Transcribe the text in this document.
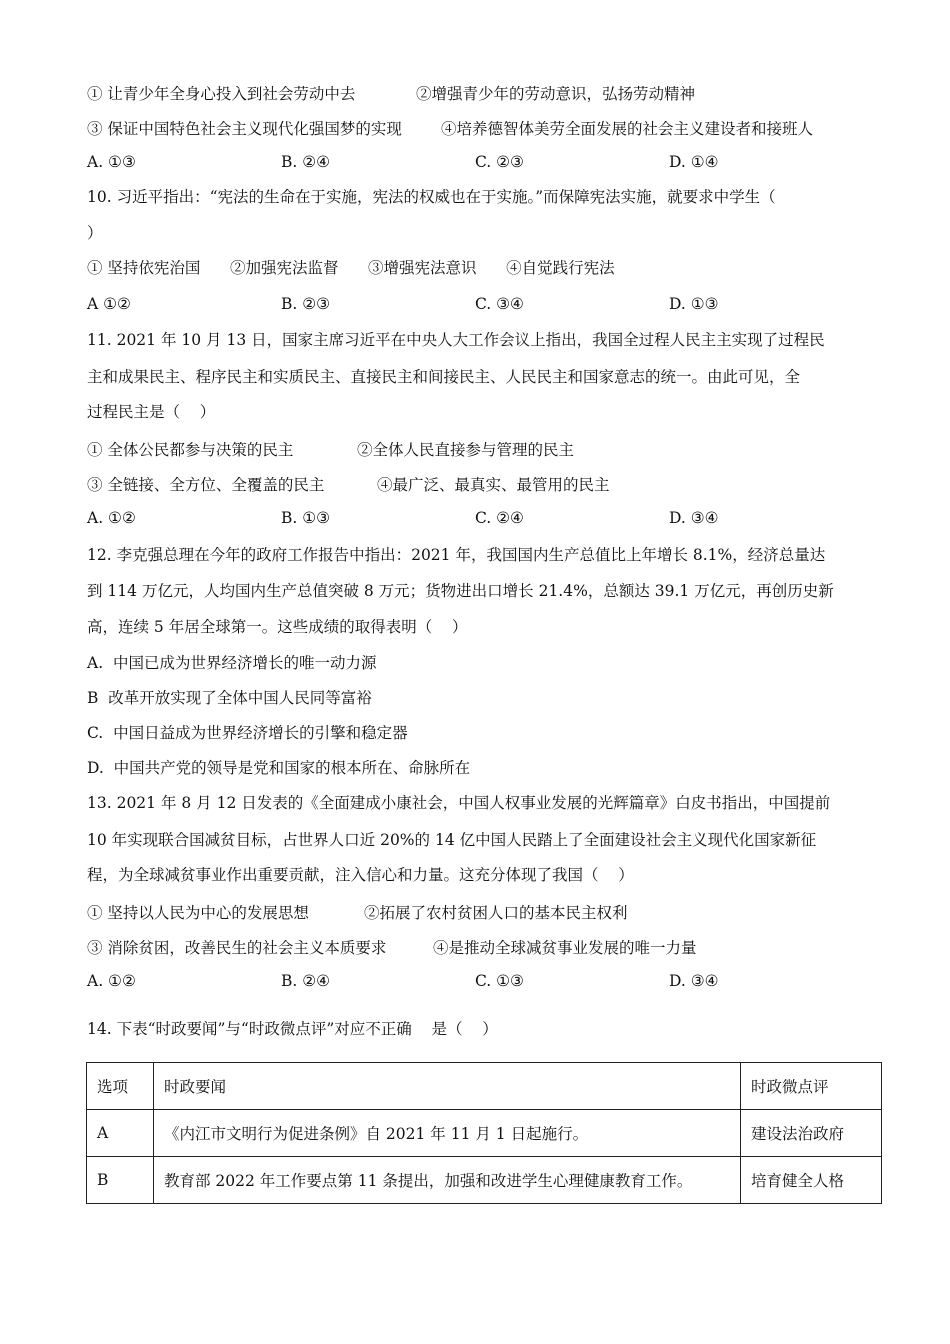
① 让青少年全身心投入到社会劳动中去	②增强青少年的劳动意识，弘扬劳动精神
③ 保证中国特色社会主义现代化强国梦的实现	④培养德智体美劳全面发展的社会主义建设者和接班人
A. ①③	B. ②④	C. ②③	D. ①④
10. 习近平指出：“宪法的生命在于实施，宪法的权威也在于实施。”而保障宪法实施，就要求中学生（
）
① 坚持依宪治国      ②加强宪法监督      ③增强宪法意识      ④自觉践行宪法
A ①②	B. ②③	C. ③④	D. ①③
11. 2021 年 10 月 13 日，国家主席习近平在中央人大工作会议上指出，我国全过程人民主主实现了过程民
主和成果民主、程序民主和实质民主、直接民主和间接民主、人民民主和国家意志的统一。由此可见，全
过程民主是（    ）
① 全体公民都参与决策的民主	②全体人民直接参与管理的民主
③ 全链接、全方位、全覆盖的民主	④最广泛、最真实、最管用的民主
A. ①②	B. ①③	C. ②④	D. ③④
12. 李克强总理在今年的政府工作报告中指出：2021 年，我国国内生产总值比上年增长 8.1%，经济总量达
到 114 万亿元，人均国内生产总值突破 8 万元；货物进出口增长 21.4%，总额达 39.1 万亿元，再创历史新
高，连续 5 年居全球第一。这些成绩的取得表明（    ）
A.  中国已成为世界经济增长的唯一动力源
B  改革开放实现了全体中国人民同等富裕
C.  中国日益成为世界经济增长的引擎和稳定器
D.  中国共产党的领导是党和国家的根本所在、命脉所在
13. 2021 年 8 月 12 日发表的《全面建成小康社会，中国人权事业发展的光辉篇章》白皮书指出，中国提前
10 年实现联合国减贫目标，占世界人口近 20%的 14 亿中国人民踏上了全面建设社会主义现代化国家新征
程，为全球减贫事业作出重要贡献，注入信心和力量。这充分体现了我国（    ）
① 坚持以人民为中心的发展思想	②拓展了农村贫困人口的基本民主权利
③ 消除贫困，改善民生的社会主义本质要求	④是推动全球减贫事业发展的唯一力量
A. ①②	B. ②④	C. ①③	D. ③④
14. 下表“时政要闻”与“时政微点评”对应不正确    是（    ）
选项	时政要闻	时政微点评
A	《内江市文明行为促进条例》自 2021 年 11 月 1 日起施行。	建设法治政府
B	教育部 2022 年工作要点第 11 条提出，加强和改进学生心理健康教育工作。	培育健全人格
